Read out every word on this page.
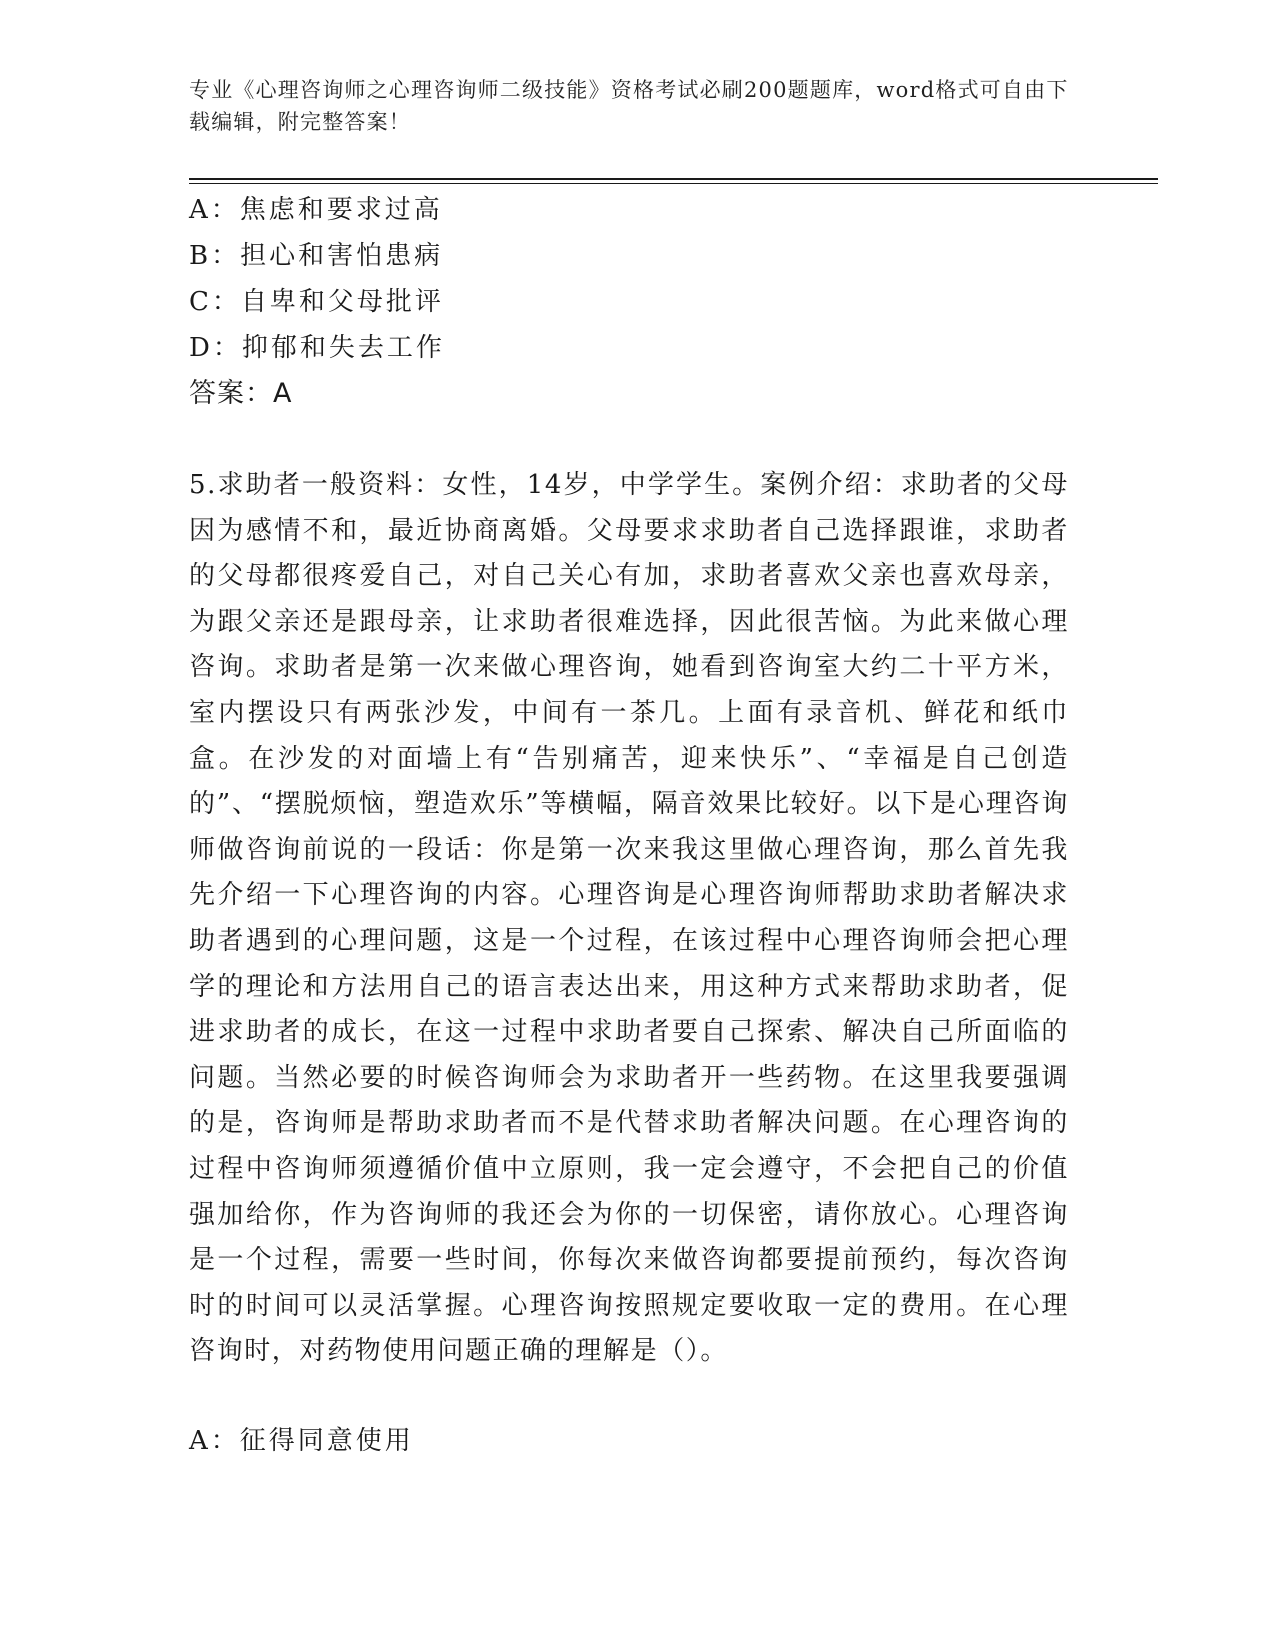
专业《心理咨询师之心理咨询师二级技能》资格考试必刷200题题库，word格式可自由下载编辑，附完整答案！
A：焦虑和要求过高
B：担心和害怕患病
C：自卑和父母批评
D：抑郁和失去工作
答案：A
5.求助者一般资料：女性，14岁，中学学生。案例介绍：求助者的父母因为感情不和，最近协商离婚。父母要求求助者自己选择跟谁，求助者的父母都很疼爱自己，对自己关心有加，求助者喜欢父亲也喜欢母亲，为跟父亲还是跟母亲，让求助者很难选择，因此很苦恼。为此来做心理咨询。求助者是第一次来做心理咨询，她看到咨询室大约二十平方米，室内摆设只有两张沙发，中间有一茶几。上面有录音机、鲜花和纸巾盒。在沙发的对面墙上有“告别痛苦，迎来快乐”、“幸福是自己创造的”、“摆脱烦恼，塑造欢乐”等横幅，隔音效果比较好。以下是心理咨询师做咨询前说的一段话：你是第一次来我这里做心理咨询，那么首先我先介绍一下心理咨询的内容。心理咨询是心理咨询师帮助求助者解决求助者遇到的心理问题，这是一个过程，在该过程中心理咨询师会把心理学的理论和方法用自己的语言表达出来，用这种方式来帮助求助者，促进求助者的成长，在这一过程中求助者要自己探索、解决自己所面临的问题。当然必要的时候咨询师会为求助者开一些药物。在这里我要强调的是，咨询师是帮助求助者而不是代替求助者解决问题。在心理咨询的过程中咨询师须遵循价值中立原则，我一定会遵守，不会把自己的价值强加给你，作为咨询师的我还会为你的一切保密，请你放心。心理咨询是一个过程，需要一些时间，你每次来做咨询都要提前预约，每次咨询时的时间可以灵活掌握。心理咨询按照规定要收取一定的费用。在心理咨询时，对药物使用问题正确的理解是（）。
A：征得同意使用
